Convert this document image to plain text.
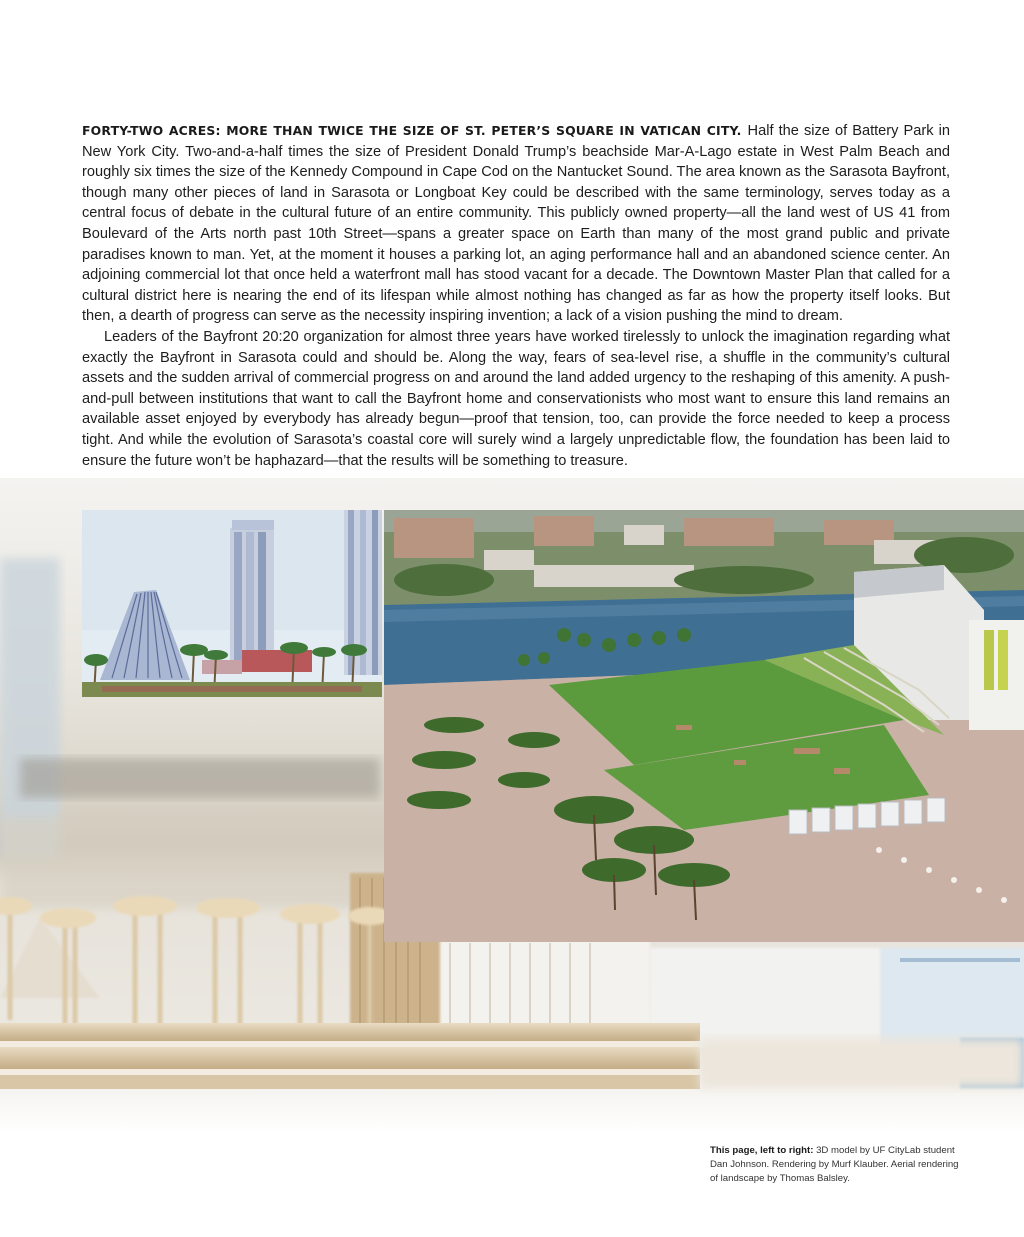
FORTY-TWO ACRES: MORE THAN TWICE THE SIZE OF ST. PETER’S SQUARE IN VATICAN CITY. Half the size of Battery Park in New York City. Two-and-a-half times the size of President Donald Trump’s beachside Mar-A-Lago estate in West Palm Beach and roughly six times the size of the Kennedy Compound in Cape Cod on the Nantucket Sound. The area known as the Sarasota Bayfront, though many other pieces of land in Sarasota or Longboat Key could be described with the same terminology, serves today as a central focus of debate in the cultural future of an entire community. This publicly owned property—all the land west of US 41 from Boulevard of the Arts north past 10th Street—spans a greater space on Earth than many of the most grand public and private paradises known to man. Yet, at the moment it houses a parking lot, an aging performance hall and an abandoned science center. An adjoining commercial lot that once held a waterfront mall has stood vacant for a decade. The Downtown Master Plan that called for a cultural district here is nearing the end of its lifespan while almost nothing has changed as far as how the property itself looks. But then, a dearth of progress can serve as the necessity inspiring invention; a lack of a vision pushing the mind to dream.

Leaders of the Bayfront 20:20 organization for almost three years have worked tirelessly to unlock the imagination regarding what exactly the Bayfront in Sarasota could and should be. Along the way, fears of sea-level rise, a shuffle in the community’s cultural assets and the sudden arrival of commercial progress on and around the land added urgency to the reshaping of this amenity. A push-and-pull between institutions that want to call the Bayfront home and conservationists who most want to ensure this land remains an available asset enjoyed by everybody has already begun—proof that tension, too, can provide the force needed to keep a process tight. And while the evolution of Sarasota’s coastal core will surely wind a largely unpredictable flow, the foundation has been laid to ensure the future won’t be haphazard—that the results will be something to treasure.

This page, left to right: 3D model by UF CityLab student Dan Johnson. Rendering by Murf Klauber. Aerial rendering of landscape by Thomas Balsley.
